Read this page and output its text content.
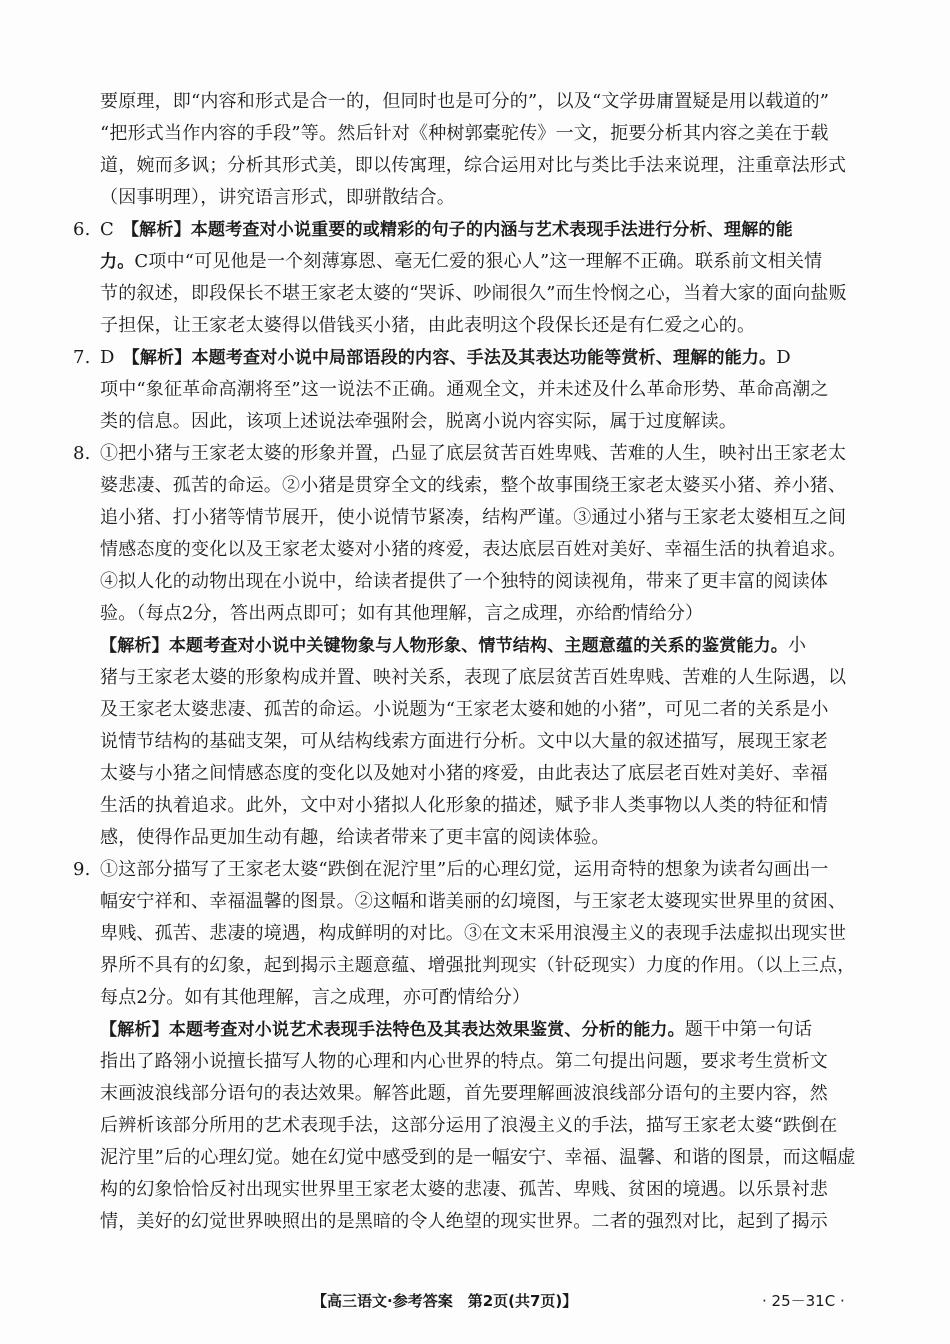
要原理，即“内容和形式是合一的，但同时也是可分的”，以及“文学毋庸置疑是用以载道的”
“把形式当作内容的手段”等。然后针对《种树郭橐驼传》一文，扼要分析其内容之美在于载
道，婉而多讽；分析其形式美，即以传寓理，综合运用对比与类比手法来说理，注重章法形式
（因事明理），讲究语言形式，即骈散结合。
6. C 【解析】本题考查对小说重要的或精彩的句子的内涵与艺术表现手法进行分析、理解的能
力。C项中“可见他是一个刻薄寡恩、毫无仁爱的狠心人”这一理解不正确。联系前文相关情
节的叙述，即段保长不堪王家老太婆的“哭诉、吵闹很久”而生怜悯之心，当着大家的面向盐贩
子担保，让王家老太婆得以借钱买小猪，由此表明这个段保长还是有仁爱之心的。
7. D 【解析】本题考查对小说中局部语段的内容、手法及其表达功能等赏析、理解的能力。D
项中“象征革命高潮将至”这一说法不正确。通观全文，并未述及什么革命形势、革命高潮之
类的信息。因此，该项上述说法牵强附会，脱离小说内容实际，属于过度解读。
8. ①把小猪与王家老太婆的形象并置，凸显了底层贫苦百姓卑贱、苦难的人生，映衬出王家老太
婆悲凄、孤苦的命运。②小猪是贯穿全文的线索，整个故事围绕王家老太婆买小猪、养小猪、
追小猪、打小猪等情节展开，使小说情节紧凑，结构严谨。③通过小猪与王家老太婆相互之间
情感态度的变化以及王家老太婆对小猪的疼爱，表达底层百姓对美好、幸福生活的执着追求。
④拟人化的动物出现在小说中，给读者提供了一个独特的阅读视角，带来了更丰富的阅读体
验。（每点2分，答出两点即可；如有其他理解，言之成理，亦给酌情给分）
【解析】本题考查对小说中关键物象与人物形象、情节结构、主题意蕴的关系的鉴赏能力。小
猪与王家老太婆的形象构成并置、映衬关系，表现了底层贫苦百姓卑贱、苦难的人生际遇，以
及王家老太婆悲凄、孤苦的命运。小说题为“王家老太婆和她的小猪”，可见二者的关系是小
说情节结构的基础支架，可从结构线索方面进行分析。文中以大量的叙述描写，展现王家老
太婆与小猪之间情感态度的变化以及她对小猪的疼爱，由此表达了底层老百姓对美好、幸福
生活的执着追求。此外，文中对小猪拟人化形象的描述，赋予非人类事物以人类的特征和情
感，使得作品更加生动有趣，给读者带来了更丰富的阅读体验。
9. ①这部分描写了王家老太婆“跌倒在泥泞里”后的心理幻觉，运用奇特的想象为读者勾画出一
幅安宁祥和、幸福温馨的图景。②这幅和谐美丽的幻境图，与王家老太婆现实世界里的贫困、
卑贱、孤苦、悲凄的境遇，构成鲜明的对比。③在文末采用浪漫主义的表现手法虚拟出现实世
界所不具有的幻象，起到揭示主题意蕴、增强批判现实（针砭现实）力度的作用。（以上三点，
每点2分。如有其他理解，言之成理，亦可酌情给分）
【解析】本题考查对小说艺术表现手法特色及其表达效果鉴赏、分析的能力。题干中第一句话
指出了路翎小说擅长描写人物的心理和内心世界的特点。第二句提出问题，要求考生赏析文
末画波浪线部分语句的表达效果。解答此题，首先要理解画波浪线部分语句的主要内容，然
后辨析该部分所用的艺术表现手法，这部分运用了浪漫主义的手法，描写王家老太婆“跌倒在
泥泞里”后的心理幻觉。她在幻觉中感受到的是一幅安宁、幸福、温馨、和谐的图景，而这幅虚
构的幻象恰恰反衬出现实世界里王家老太婆的悲凄、孤苦、卑贱、贫困的境遇。以乐景衬悲
情，美好的幻觉世界映照出的是黑暗的令人绝望的现实世界。二者的强烈对比，起到了揭示
【高三语文·参考答案　第2页(共7页)】	· 25－31C ·
